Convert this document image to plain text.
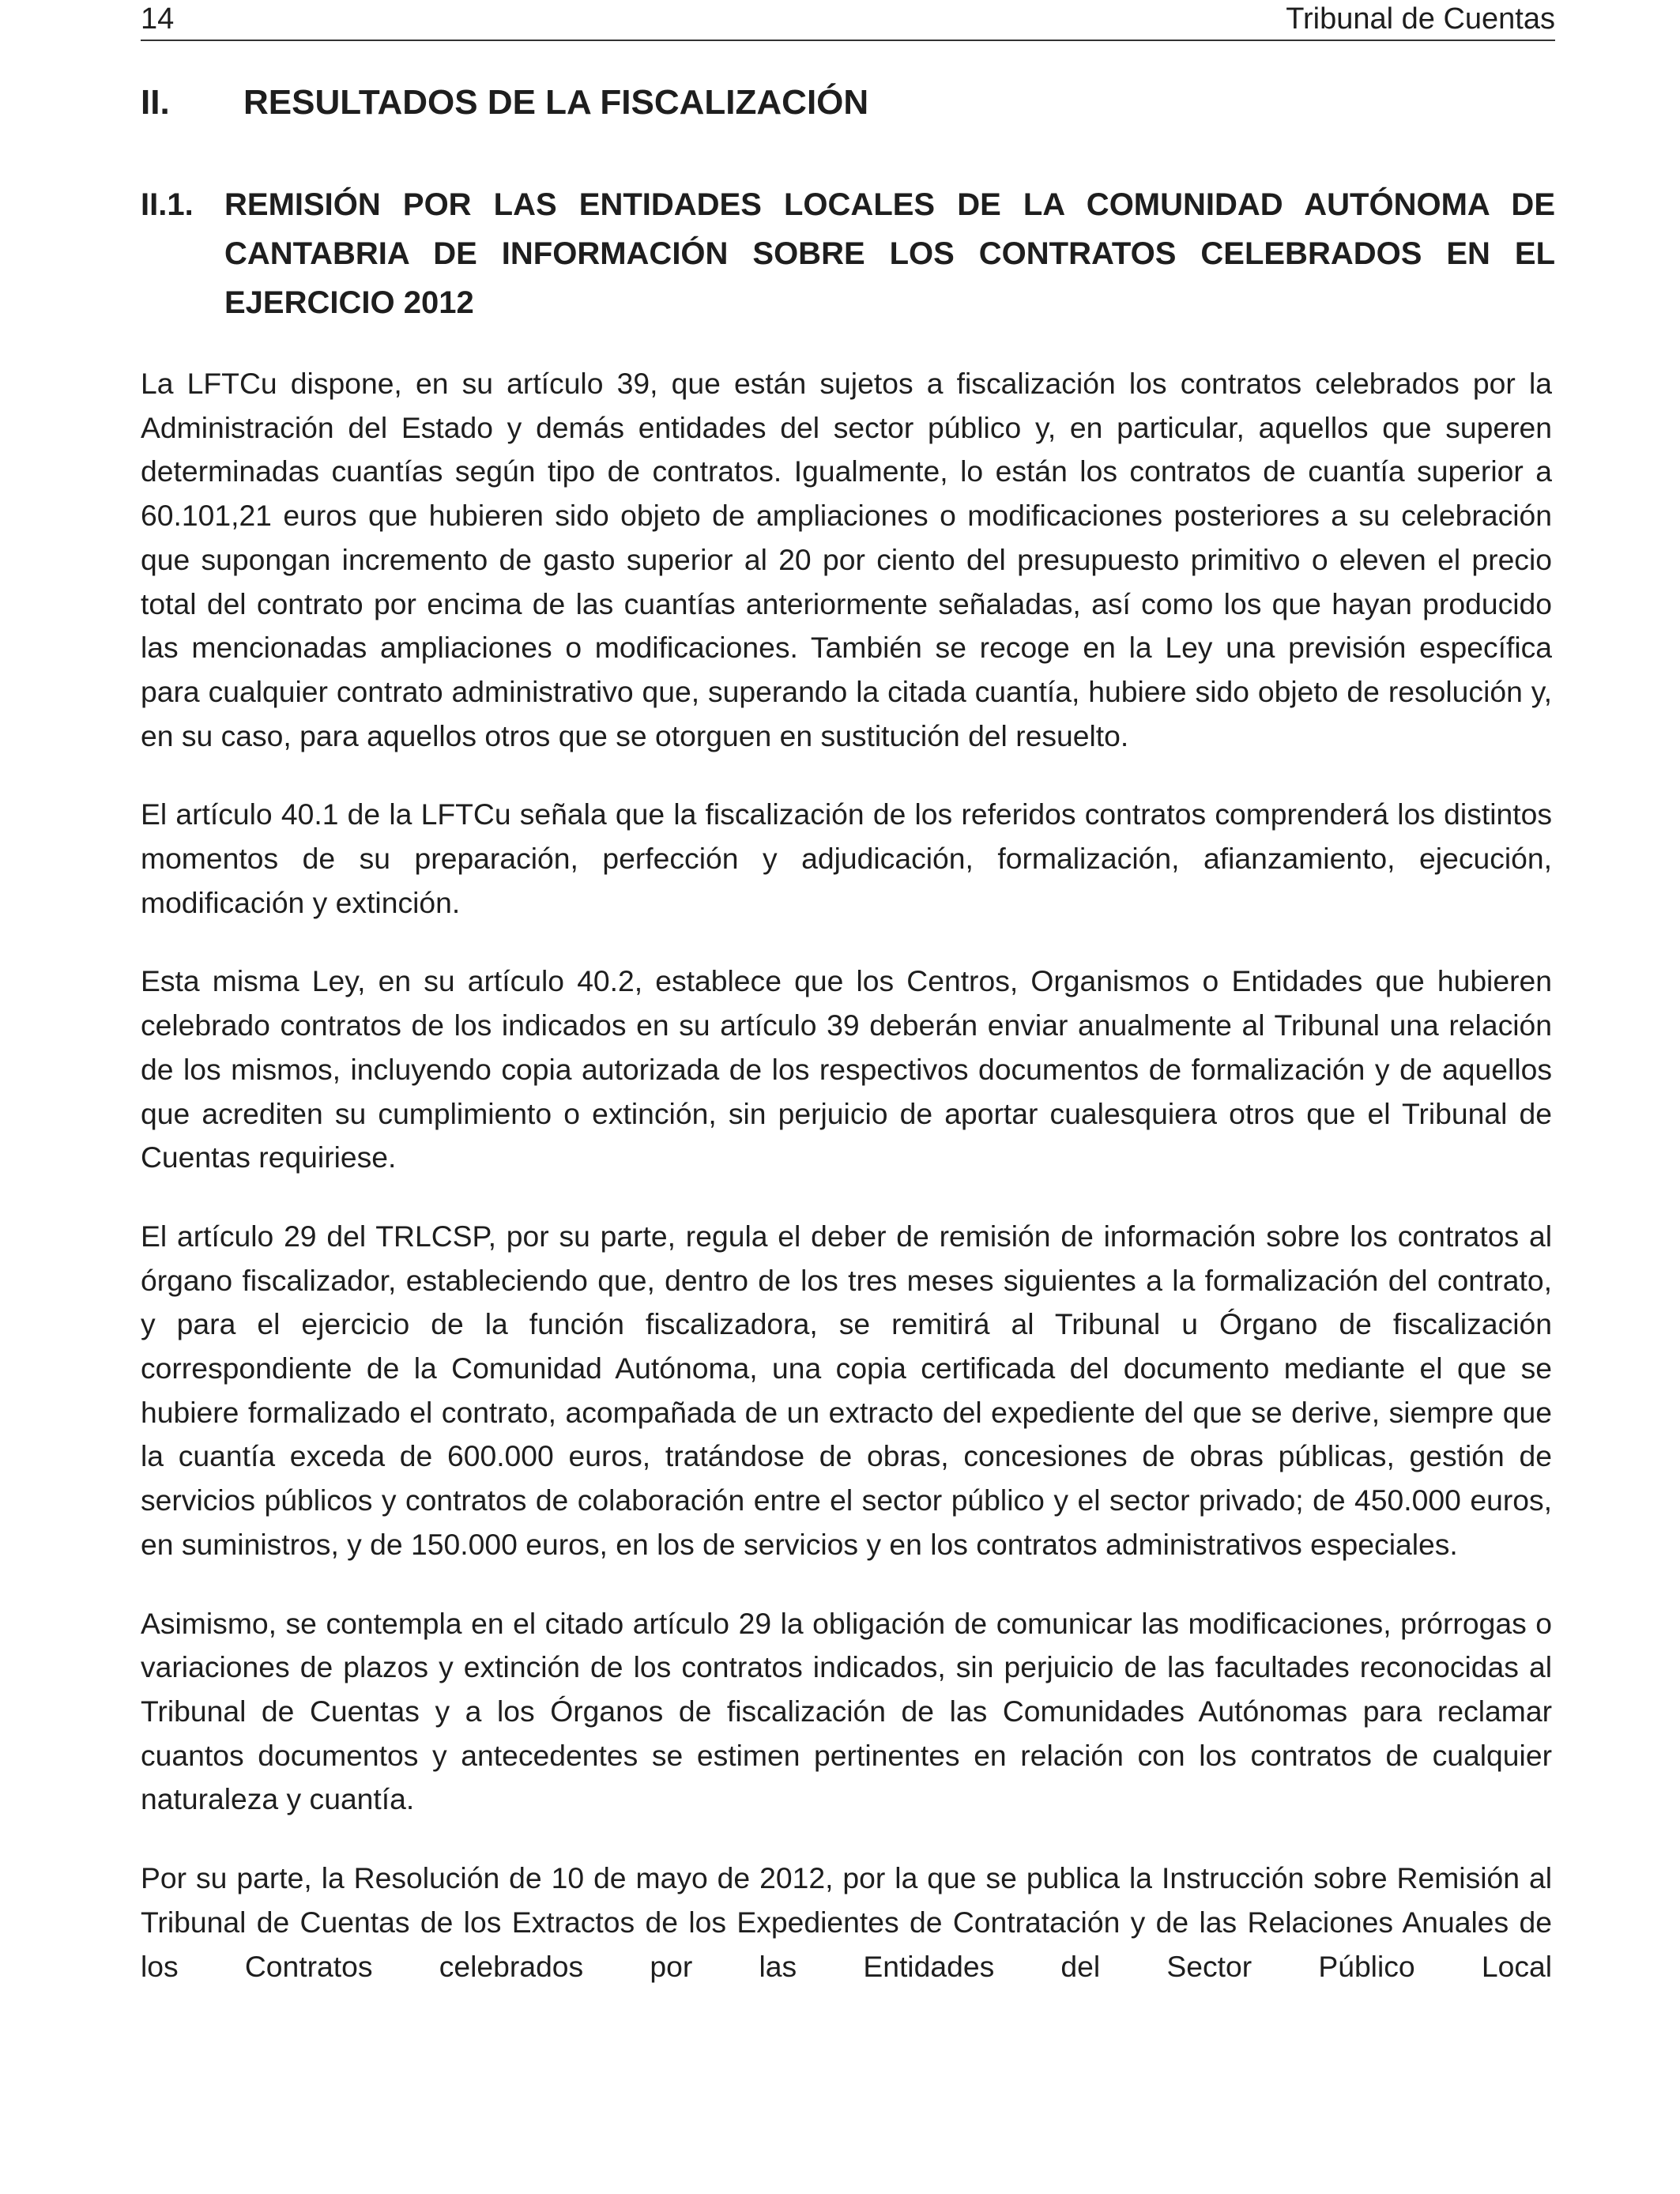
14	Tribunal de Cuentas
II. RESULTADOS DE LA FISCALIZACIÓN
II.1. REMISIÓN POR LAS ENTIDADES LOCALES DE LA COMUNIDAD AUTÓNOMA DE CANTABRIA DE INFORMACIÓN SOBRE LOS CONTRATOS CELEBRADOS EN EL EJERCICIO 2012

La LFTCu dispone, en su artículo 39, que están sujetos a fiscalización los contratos celebrados por la Administración del Estado y demás entidades del sector público y, en particular, aquellos que superen determinadas cuantías según tipo de contratos. Igualmente, lo están los contratos de cuantía superior a 60.101,21 euros que hubieren sido objeto de ampliaciones o modificaciones posteriores a su celebración que supongan incremento de gasto superior al 20 por ciento del presupuesto primitivo o eleven el precio total del contrato por encima de las cuantías anteriormente señaladas, así como los que hayan producido las mencionadas ampliaciones o modificaciones. También se recoge en la Ley una previsión específica para cualquier contrato administrativo que, superando la citada cuantía, hubiere sido objeto de resolución y, en su caso, para aquellos otros que se otorguen en sustitución del resuelto.

El artículo 40.1 de la LFTCu señala que la fiscalización de los referidos contratos comprenderá los distintos momentos de su preparación, perfección y adjudicación, formalización, afianzamiento, ejecución, modificación y extinción.

Esta misma Ley, en su artículo 40.2, establece que los Centros, Organismos o Entidades que hubieren celebrado contratos de los indicados en su artículo 39 deberán enviar anualmente al Tribunal una relación de los mismos, incluyendo copia autorizada de los respectivos documentos de formalización y de aquellos que acrediten su cumplimiento o extinción, sin perjuicio de aportar cualesquiera otros que el Tribunal de Cuentas requiriese.

El artículo 29 del TRLCSP, por su parte, regula el deber de remisión de información sobre los contratos al órgano fiscalizador, estableciendo que, dentro de los tres meses siguientes a la formalización del contrato, y para el ejercicio de la función fiscalizadora, se remitirá al Tribunal u Órgano de fiscalización correspondiente de la Comunidad Autónoma, una copia certificada del documento mediante el que se hubiere formalizado el contrato, acompañada de un extracto del expediente del que se derive, siempre que la cuantía exceda de 600.000 euros, tratándose de obras, concesiones de obras públicas, gestión de servicios públicos y contratos de colaboración entre el sector público y el sector privado; de 450.000 euros, en suministros, y de 150.000 euros, en los de servicios y en los contratos administrativos especiales.

Asimismo, se contempla en el citado artículo 29 la obligación de comunicar las modificaciones, prórrogas o variaciones de plazos y extinción de los contratos indicados, sin perjuicio de las facultades reconocidas al Tribunal de Cuentas y a los Órganos de fiscalización de las Comunidades Autónomas para reclamar cuantos documentos y antecedentes se estimen pertinentes en relación con los contratos de cualquier naturaleza y cuantía.

Por su parte, la Resolución de 10 de mayo de 2012, por la que se publica la Instrucción sobre Remisión al Tribunal de Cuentas de los Extractos de los Expedientes de Contratación y de las Relaciones Anuales de los Contratos celebrados por las Entidades del Sector Público Local
